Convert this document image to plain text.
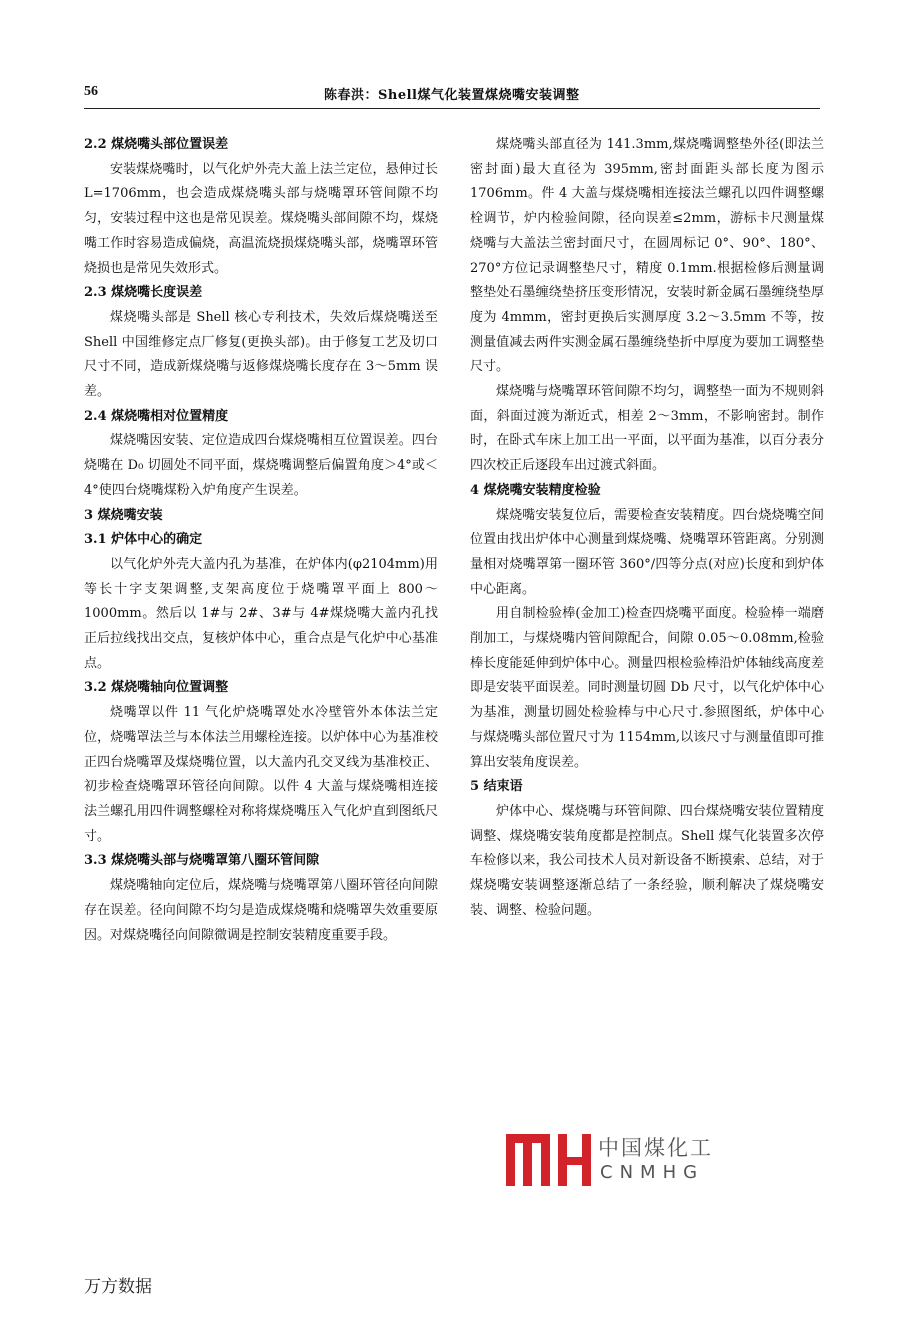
56	陈春洪：Shell煤气化装置煤烧嘴安装调整
2.2 煤烧嘴头部位置误差

安装煤烧嘴时，以气化炉外壳大盖上法兰定位，悬伸过长 L=1706mm，也会造成煤烧嘴头部与烧嘴罩环管间隙不均匀，安装过程中这也是常见误差。煤烧嘴头部间隙不均，煤烧嘴工作时容易造成偏烧，高温流烧损煤烧嘴头部，烧嘴罩环管烧损也是常见失效形式。

2.3 煤烧嘴长度误差

煤烧嘴头部是 Shell 核心专利技术，失效后煤烧嘴送至 Shell 中国维修定点厂修复(更换头部)。由于修复工艺及切口尺寸不同，造成新煤烧嘴与返修煤烧嘴长度存在 3～5mm 误差。

2.4 煤烧嘴相对位置精度

煤烧嘴因安装、定位造成四台煤烧嘴相互位置误差。四台烧嘴在 D₀ 切圆处不同平面，煤烧嘴调整后偏置角度＞4°或＜4°使四台烧嘴煤粉入炉角度产生误差。

3 煤烧嘴安装
3.1 炉体中心的确定

以气化炉外壳大盖内孔为基准，在炉体内(φ2104mm)用等长十字支架调整,支架高度位于烧嘴罩平面上 800～1000mm。然后以 1#与 2#、3#与 4#煤烧嘴大盖内孔找正后拉线找出交点，复核炉体中心，重合点是气化炉中心基准点。

3.2 煤烧嘴轴向位置调整

烧嘴罩以件 11 气化炉烧嘴罩处水冷壁管外本体法兰定位，烧嘴罩法兰与本体法兰用螺栓连接。以炉体中心为基准校正四台烧嘴罩及煤烧嘴位置，以大盖内孔交叉线为基准校正、初步检查烧嘴罩环管径向间隙。以件 4 大盖与煤烧嘴相连接法兰螺孔用四件调整螺栓对称将煤烧嘴压入气化炉直到图纸尺寸。

3.3 煤烧嘴头部与烧嘴罩第八圈环管间隙

煤烧嘴轴向定位后，煤烧嘴与烧嘴罩第八圈环管径向间隙存在误差。径向间隙不均匀是造成煤烧嘴和烧嘴罩失效重要原因。对煤烧嘴径向间隙微调是控制安装精度重要手段。

煤烧嘴头部直径为 141.3mm,煤烧嘴调整垫外径(即法兰密封面)最大直径为 395mm,密封面距头部长度为图示 1706mm。件 4 大盖与煤烧嘴相连接法兰螺孔以四件调整螺栓调节，炉内检验间隙，径向误差≤2mm，游标卡尺测量煤烧嘴与大盖法兰密封面尺寸，在圆周标记 0°、90°、180°、270°方位记录调整垫尺寸，精度 0.1mm.根据检修后测量调整垫处石墨缠绕垫挤压变形情况，安装时新金属石墨缠绕垫厚度为 4mmm，密封更换后实测厚度 3.2～3.5mm 不等，按测量值减去两件实测金属石墨缠绕垫折中厚度为要加工调整垫尺寸。

煤烧嘴与烧嘴罩环管间隙不均匀，调整垫一面为不规则斜面，斜面过渡为渐近式，相差 2～3mm，不影响密封。制作时，在卧式车床上加工出一平面，以平面为基准，以百分表分四次校正后逐段车出过渡式斜面。

4 煤烧嘴安装精度检验

煤烧嘴安装复位后，需要检查安装精度。四台烧烧嘴空间位置由找出炉体中心测量到煤烧嘴、烧嘴罩环管距离。分别测量相对烧嘴罩第一圈环管 360°/四等分点(对应)长度和到炉体中心距离。

用自制检验棒(金加工)检查四烧嘴平面度。检验棒一端磨削加工，与煤烧嘴内管间隙配合，间隙 0.05～0.08mm,检验棒长度能延伸到炉体中心。测量四根检验棒沿炉体轴线高度差即是安装平面误差。同时测量切圆 Db 尺寸，以气化炉体中心为基准，测量切圆处检验棒与中心尺寸.参照图纸，炉体中心与煤烧嘴头部位置尺寸为 1154mm,以该尺寸与测量值即可推算出安装角度误差。

5 结束语

炉体中心、煤烧嘴与环管间隙、四台煤烧嘴安装位置精度调整、煤烧嘴安装角度都是控制点。Shell 煤气化装置多次停车检修以来，我公司技术人员对新设备不断摸索、总结，对于煤烧嘴安装调整逐渐总结了一条经验，顺利解决了煤烧嘴安装、调整、检验问题。

中国煤化工
CNMHG
万方数据
